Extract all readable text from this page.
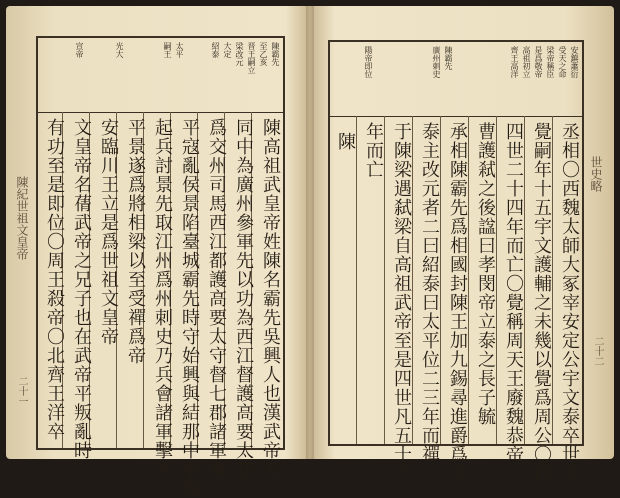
陳紀世祖文皇帝
二十一
陳霸先
至乙亥
晋王嗣立
梁改元
大定
紹泰
太平
嗣王
光大
宣帝
陳高祖武皇帝姓陳名霸先吳興人也漢武帝大
同中為廣州參軍先以功為西江督護高要太守
爲交州司馬西江都護高要太守督七郡諸軍事
平寇亂侯景陷臺城霸先時守始興與結那中豪傑
起兵討景先取江州爲州刺史乃兵會諸軍擊平
平景遂爲將相梁以至受禪爲帝
安臨川王立是爲世祖文皇帝
文皇帝名蒨武帝之兄子也在武帝平叛亂時
有功至是即位〇周王殺帝〇北齊王洋卒	世史略
二十二
安鎮蕭衍
受天之命
梁帝稱臣
是爲敬帝
高祖初立
齊王高洋
陳霸先
廣州刺史
陽帝即位
丞相〇西魏太師大冢宰安定公宇文泰卒世子
覺嗣年十五宇文護輔之未幾以覺爲周公〇西
四世二十四年而亡〇覺稱周天王廢魏恭帝
曹護弒之後諡曰孝閔帝立泰之長子毓
承相陳霸先爲相國封陳王加九錫尋進爵爲王
泰主改元者二曰紹泰曰太平位二三年而禪
于陳梁遇弑梁自高祖武帝至是四世凡五十六
年而亡
陳
